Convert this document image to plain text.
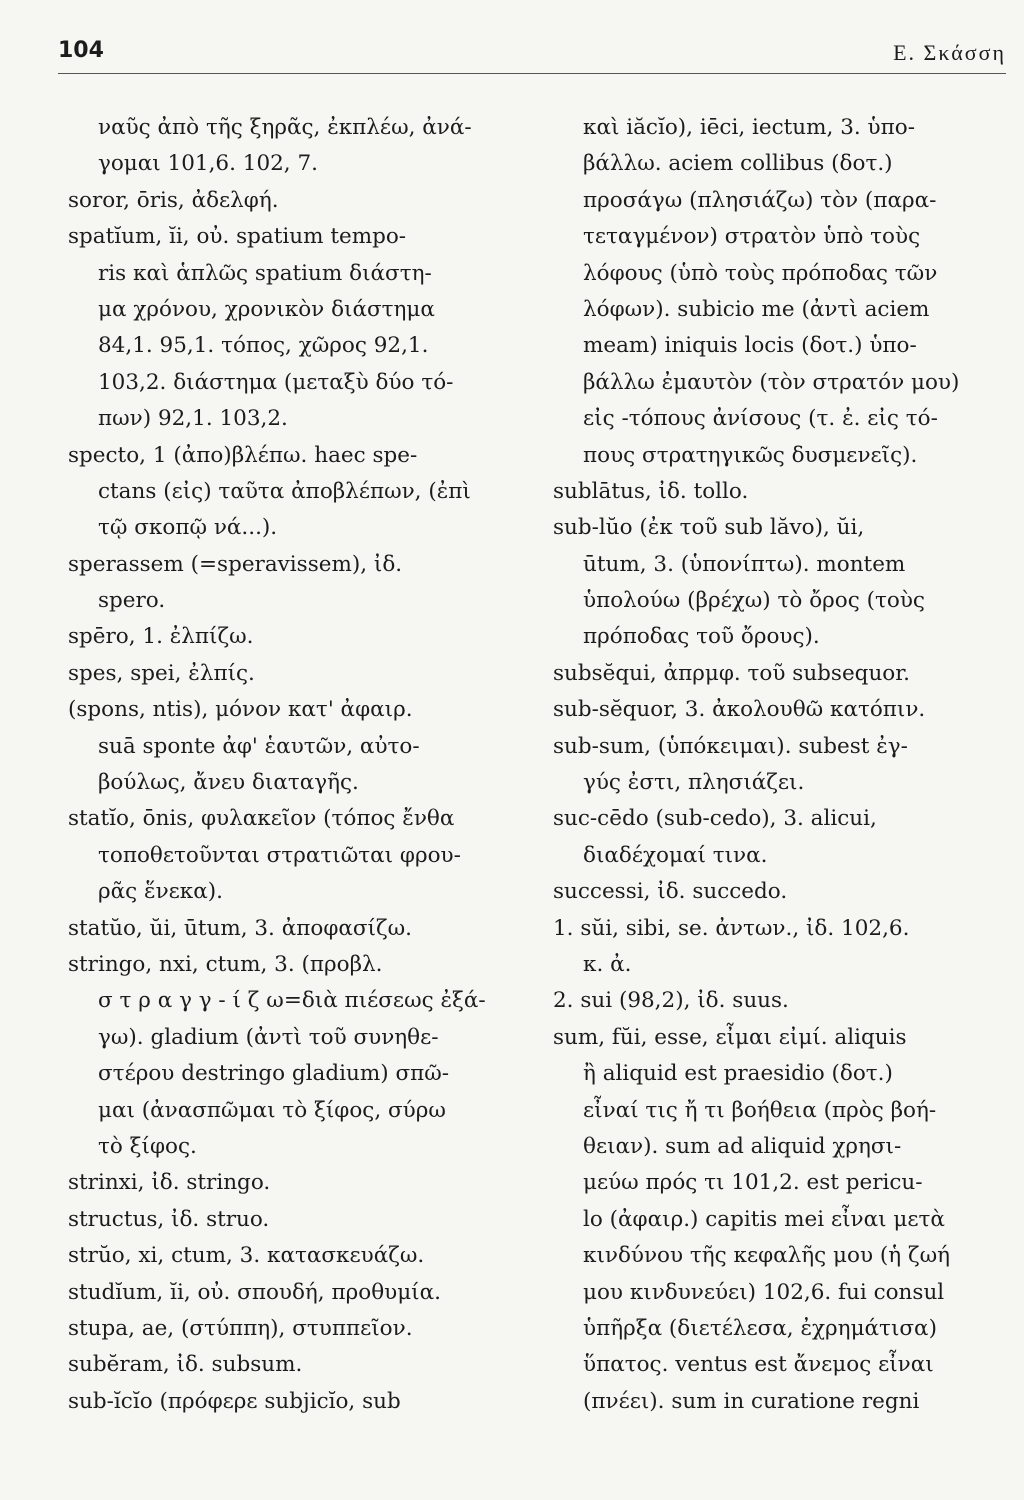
104	Ε. Σκάσση
ναῦς ἀπὸ τῆς ξηρᾶς, ἐκπλέω, ἀνά-
γομαι 101,6. 102, 7.
soror, ōris, ἀδελφή.
spatĭum, ĭi, οὐ. spatium tempo-
ris καὶ ἁπλῶς spatium διάστη-
μα χρόνου, χρονικὸν διάστημα
84,1. 95,1. τόπος, χῶρος 92,1.
103,2. διάστημα (μεταξὺ δύο τό-
πων) 92,1. 103,2.
specto, 1 (ἀπο)βλέπω. haec spe-
ctans (εἰς) ταῦτα ἀποβλέπων, (ἐπὶ
τῷ σκοπῷ νά...).
sperassem (=speravissem), ἰδ.
spero.
spēro, 1. ἐλπίζω.
spes, spei, ἐλπίς.
(spons, ntis), μόνον κατ' ἀφαιρ.
suā sponte ἀφ' ἑαυτῶν, αὐτο-
βούλως, ἄνευ διαταγῆς.
statĭo, ōnis, φυλακεῖον (τόπος ἔνθα
τοποθετοῦνται στρατιῶται φρου-
ρᾶς ἕνεκα).
statŭo, ŭi, ūtum, 3. ἀποφασίζω.
stringo, nxi, ctum, 3. (προβλ.
σ τ ρ α γ γ - ί ζ ω=διὰ πιέσεως ἐξά-
γω). gladium (ἀντὶ τοῦ συνηθε-
στέρου destringo gladium) σπῶ-
μαι (ἀνασπῶμαι τὸ ξίφος, σύρω
τὸ ξίφος.
strinxi, ἰδ. stringo.
structus, ἰδ. struo.
strŭo, xi, ctum, 3. κατασκευάζω.
studĭum, ĭi, οὐ. σπουδή, προθυμία.
stupa, ae, (στύππη), στυππεῖον.
subĕram, ἰδ. subsum.
sub-ĭcĭo (πρόφερε subjicĭo, sub
καὶ iăcĭo), iēci, iectum, 3. ὑπο-
βάλλω. aciem collibus (δοτ.)
προσάγω (πλησιάζω) τὸν (παρα-
τεταγμένον) στρατὸν ὑπὸ τοὺς
λόφους (ὑπὸ τοὺς πρόποδας τῶν
λόφων). subicio me (ἀντὶ aciem
meam) iniquis locis (δοτ.) ὑπο-
βάλλω ἐμαυτὸν (τὸν στρατόν μου)
εἰς -τόπους ἀνίσους (τ. ἐ. εἰς τό-
πους στρατηγικῶς δυσμενεῖς).
sublātus, ἰδ. tollo.
sub-lŭo (ἐκ τοῦ sub lăvo), ŭi,
ūtum, 3. (ὑπονίπτω). montem
ὑπολούω (βρέχω) τὸ ὄρος (τοὺς
πρόποδας τοῦ ὄρους).
subsĕqui, ἀπρμφ. τοῦ subsequor.
sub-sĕquor, 3. ἀκολουθῶ κατόπιν.
sub-sum, (ὑπόκειμαι). subest ἐγ-
γύς ἐστι, πλησιάζει.
suc-cēdo (sub-cedo), 3. alicui,
διαδέχομαί τινα.
successi, ἰδ. succedo.
1. sŭi, sibi, se. ἀντων., ἰδ. 102,6.
κ. ἀ.
2. sui (98,2), ἰδ. suus.
sum, fŭi, esse, εἶμαι εἰμί. aliquis
ἢ aliquid est praesidio (δοτ.)
εἶναί τις ἤ τι βοήθεια (πρὸς βοή-
θειαν). sum ad aliquid χρησι-
μεύω πρός τι 101,2. est pericu-
lo (ἀφαιρ.) capitis mei εἶναι μετὰ
κινδύνου τῆς κεφαλῆς μου (ἡ ζωή
μου κινδυνεύει) 102,6. fui consul
ὑπῆρξα (διετέλεσα, ἐχρημάτισα)
ὕπατος. ventus est ἄνεμος εἶναι
(πνέει). sum in curatione regni
